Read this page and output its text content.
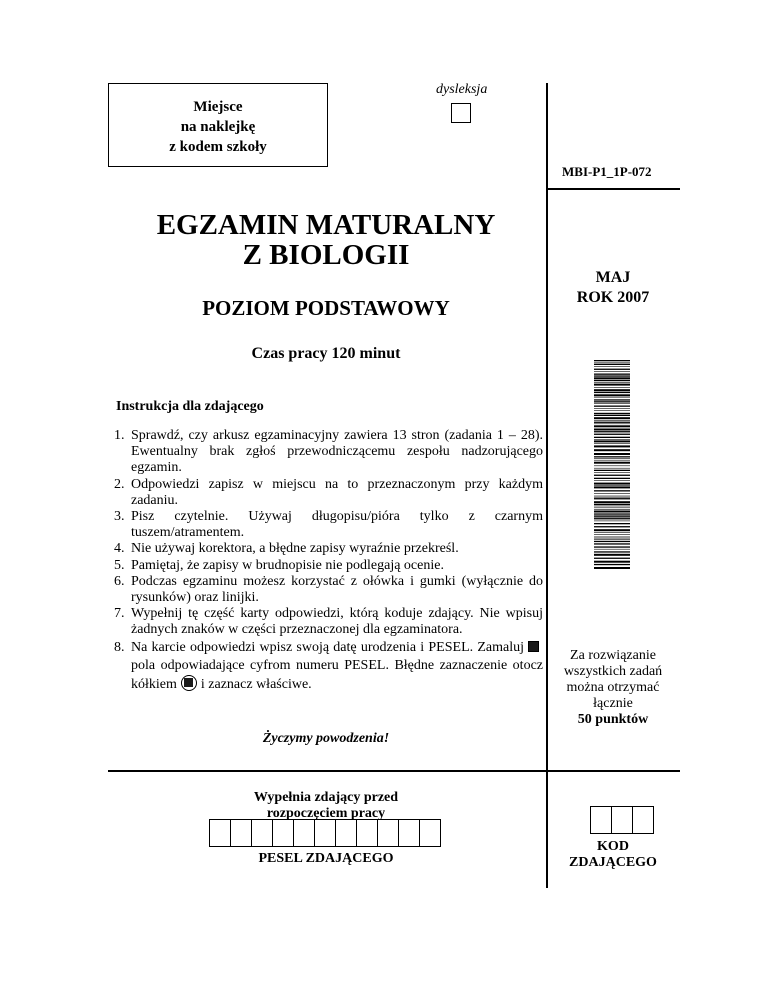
Miejsce
na naklejkę
z kodem szkoły
dysleksja
MBI-P1_1P-072
EGZAMIN MATURALNY
Z BIOLOGII
POZIOM PODSTAWOWY
Czas pracy 120 minut
MAJ
ROK 2007
Instrukcja dla zdającego
1. Sprawdź, czy arkusz egzaminacyjny zawiera 13 stron (zadania 1 – 28). Ewentualny brak zgłoś przewodniczącemu zespołu nadzorującego egzamin.
2. Odpowiedzi zapisz w miejscu na to przeznaczonym przy każdym zadaniu.
3. Pisz czytelnie. Używaj długopisu/pióra tylko z czarnym tuszem/atramentem.
4. Nie używaj korektora, a błędne zapisy wyraźnie przekreśl.
5. Pamiętaj, że zapisy w brudnopisie nie podlegają ocenie.
6. Podczas egzaminu możesz korzystać z ołówka i gumki (wyłącznie do rysunków) oraz linijki.
7. Wypełnij tę część karty odpowiedzi, którą koduje zdający. Nie wpisuj żadnych znaków w części przeznaczonej dla egzaminatora.
8. Na karcie odpowiedzi wpisz swoją datę urodzenia i PESEL. Zamalujpola odpowiadające cyfrom numeru PESEL. Błędne zaznaczenie otocz kółkiem i zaznacz właściwe.
Życzymy powodzenia!
Za rozwiązanie
wszystkich zadań
można otrzymać
łącznie
50 punktów
Wypełnia zdający przed
rozpoczęciem pracy
PESEL ZDAJĄCEGO
KOD
ZDAJĄCEGO
